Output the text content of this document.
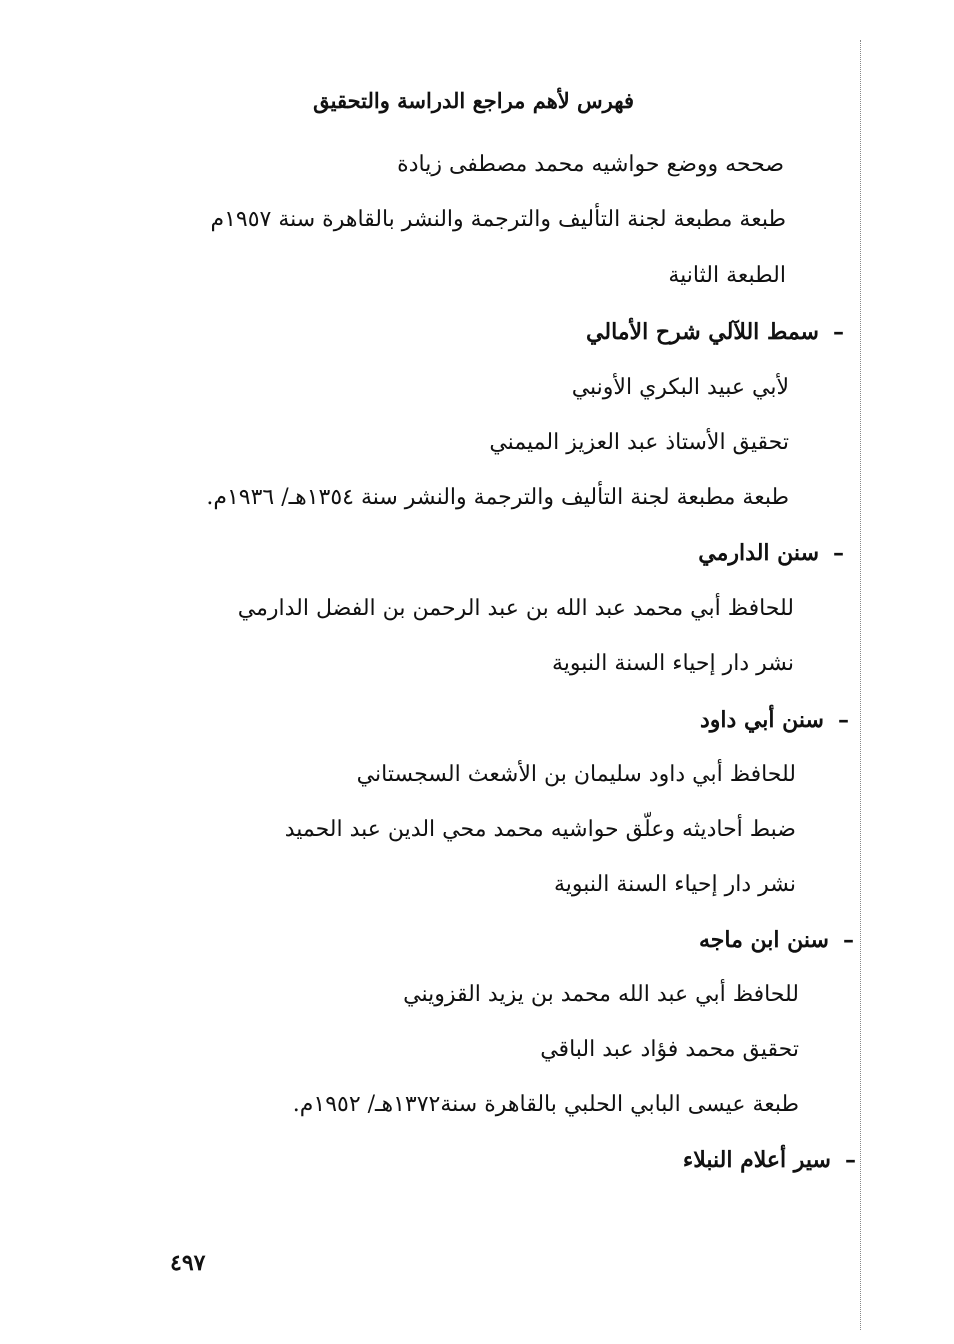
فهرس لأهم مراجع الدراسة والتحقيق
صححه ووضع حواشيه محمد مصطفى زيادة
طبعة مطبعة لجنة التأليف والترجمة والنشر بالقاهرة سنة ١٩٥٧م
الطبعة الثانية
–سمط اللآلي شرح الأمالي
لأبي عبيد البكري الأونبي
تحقيق الأستاذ عبد العزيز الميمني
طبعة مطبعة لجنة التأليف والترجمة والنشر سنة ١٣٥٤هـ/ ١٩٣٦م.
–سنن الدارمي
للحافظ أبي محمد عبد الله بن عبد الرحمن بن الفضل الدارمي
نشر دار إحياء السنة النبوية
–سنن أبي داود
للحافظ أبي داود سليمان بن الأشعث السجستاني
ضبط أحاديثه وعلّق حواشيه محمد محي الدين عبد الحميد
نشر دار إحياء السنة النبوية
–سنن ابن ماجه
للحافظ أبي عبد الله محمد بن يزيد القزويني
تحقيق محمد فؤاد عبد الباقي
طبعة عيسى البابي الحلبي بالقاهرة سنة١٣٧٢هـ/ ١٩٥٢م.
–سير أعلام النبلاء
٤٩٧
